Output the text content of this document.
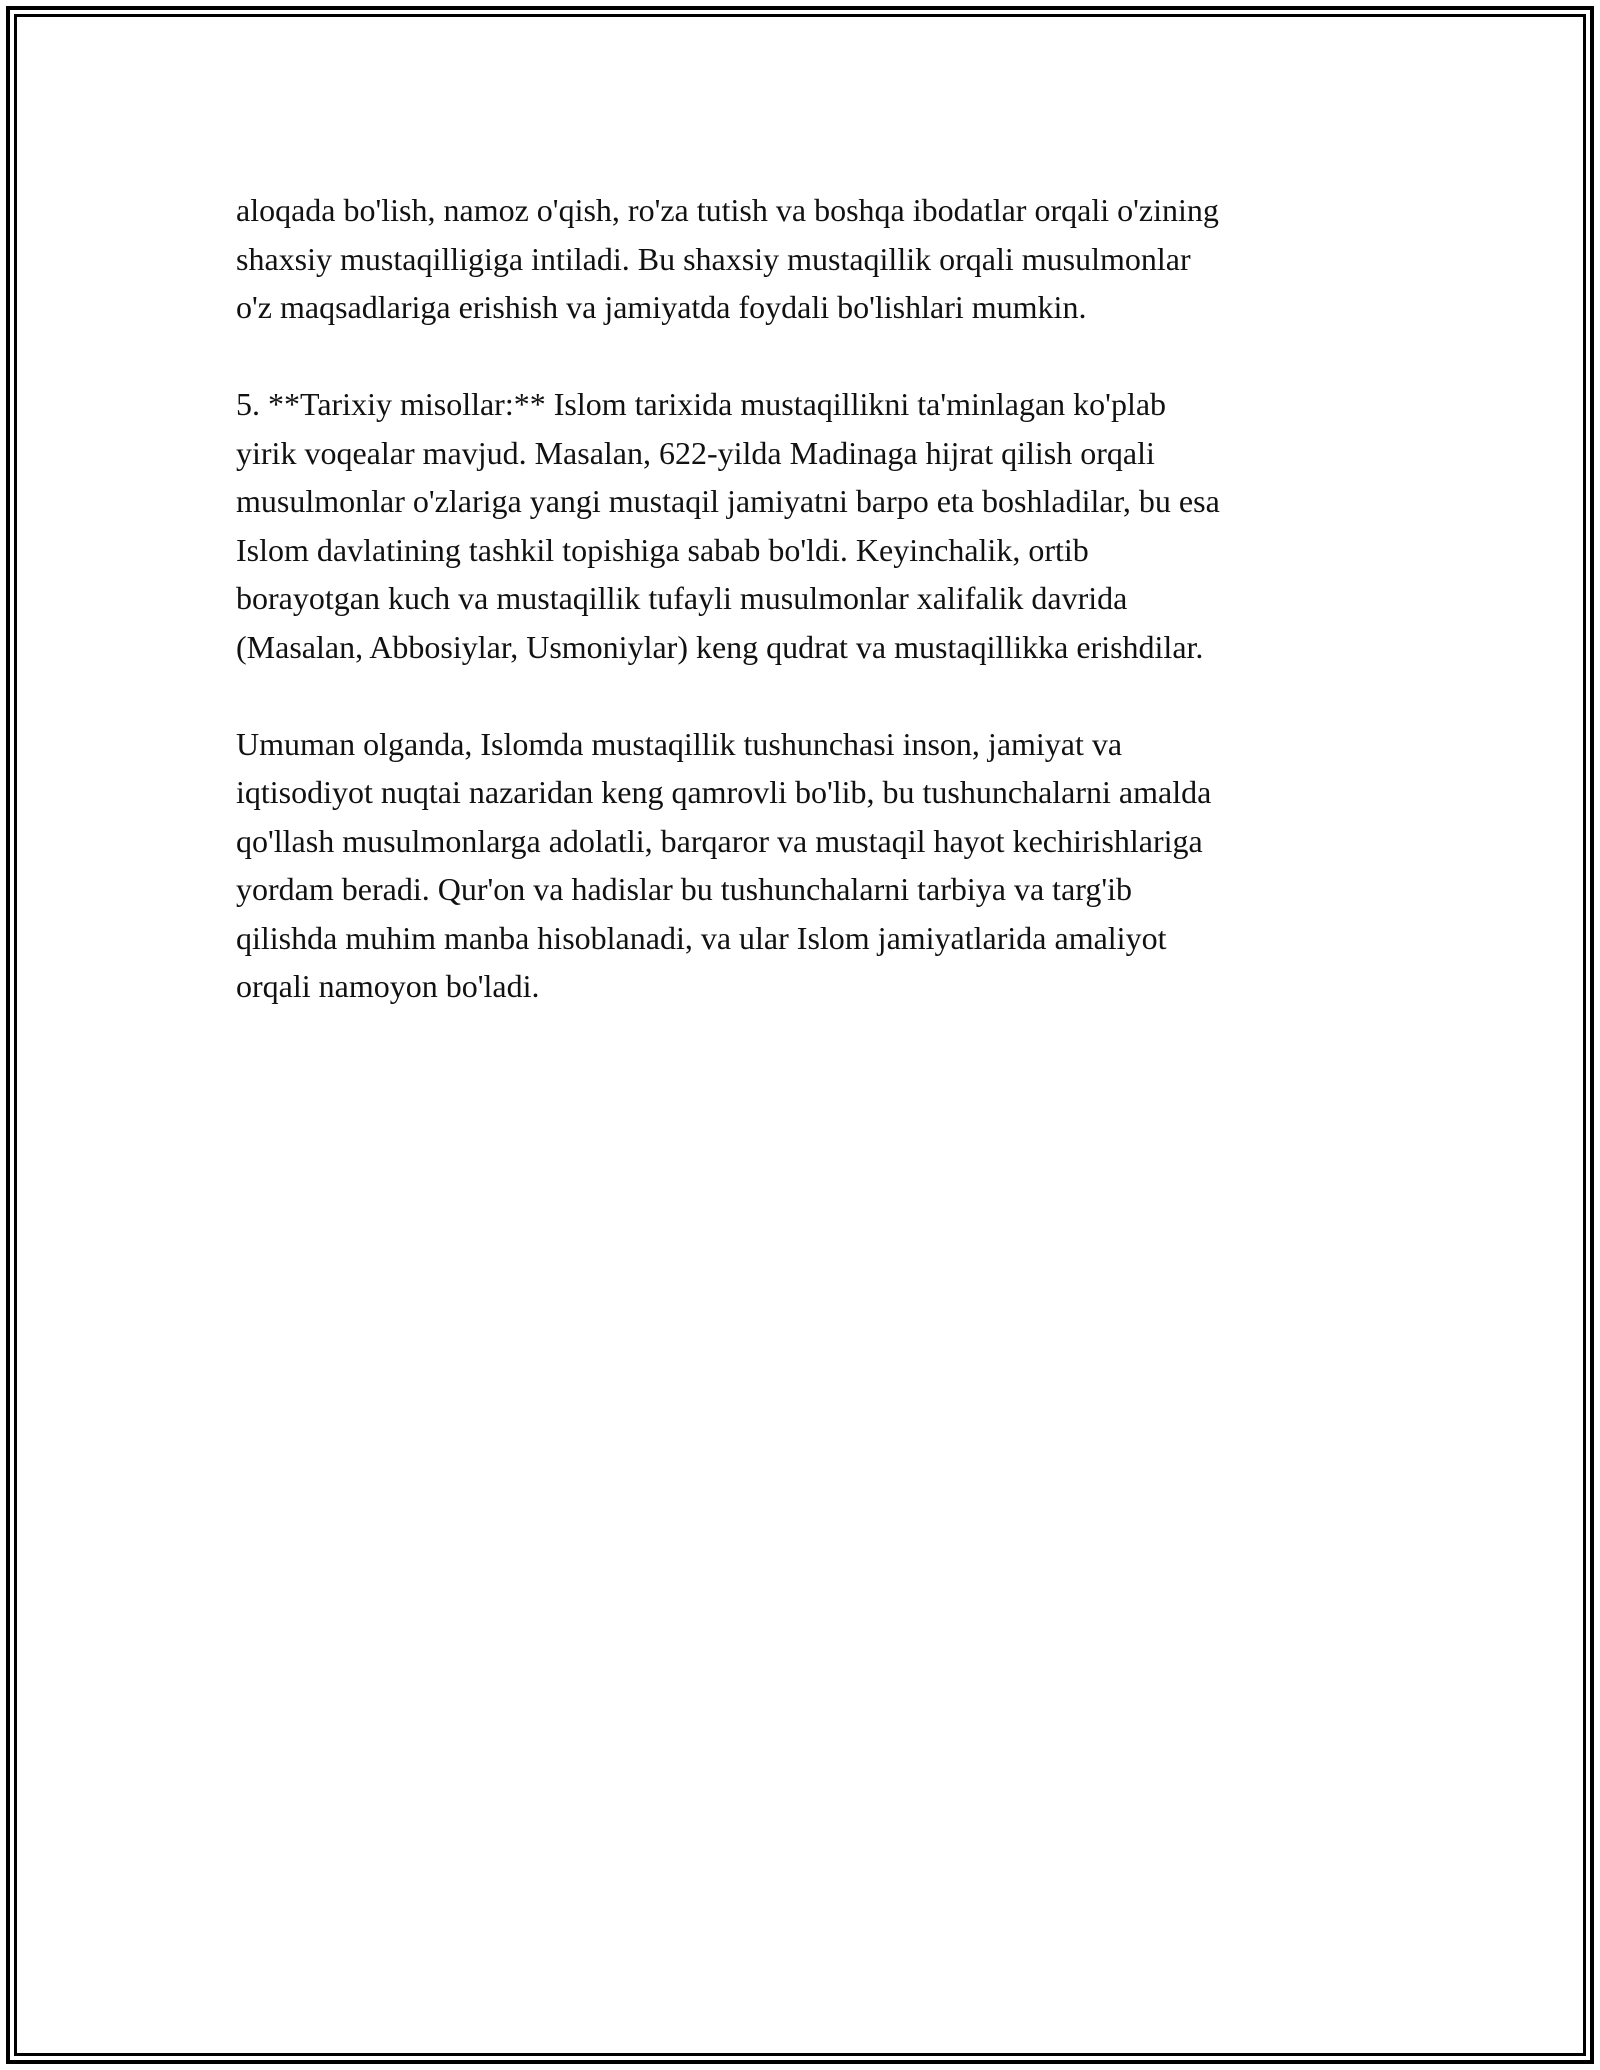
aloqada bo'lish, namoz o'qish, ro'za tutish va boshqa ibodatlar orqali o'zining
shaxsiy mustaqilligiga intiladi. Bu shaxsiy mustaqillik orqali musulmonlar
o'z maqsadlariga erishish va jamiyatda foydali bo'lishlari mumkin.

5. **Tarixiy misollar:** Islom tarixida mustaqillikni ta'minlagan ko'plab
yirik voqealar mavjud. Masalan, 622-yilda Madinaga hijrat qilish orqali
musulmonlar o'zlariga yangi mustaqil jamiyatni barpo eta boshladilar, bu esa
Islom davlatining tashkil topishiga sabab bo'ldi. Keyinchalik, ortib
borayotgan kuch va mustaqillik tufayli musulmonlar xalifalik davrida
(Masalan, Abbosiylar, Usmoniylar) keng qudrat va mustaqillikka erishdilar.

Umuman olganda, Islomda mustaqillik tushunchasi inson, jamiyat va
iqtisodiyot nuqtai nazaridan keng qamrovli bo'lib, bu tushunchalarni amalda
qo'llash musulmonlarga adolatli, barqaror va mustaqil hayot kechirishlariga
yordam beradi. Qur'on va hadislar bu tushunchalarni tarbiya va targ'ib
qilishda muhim manba hisoblanadi, va ular Islom jamiyatlarida amaliyot
orqali namoyon bo'ladi.
